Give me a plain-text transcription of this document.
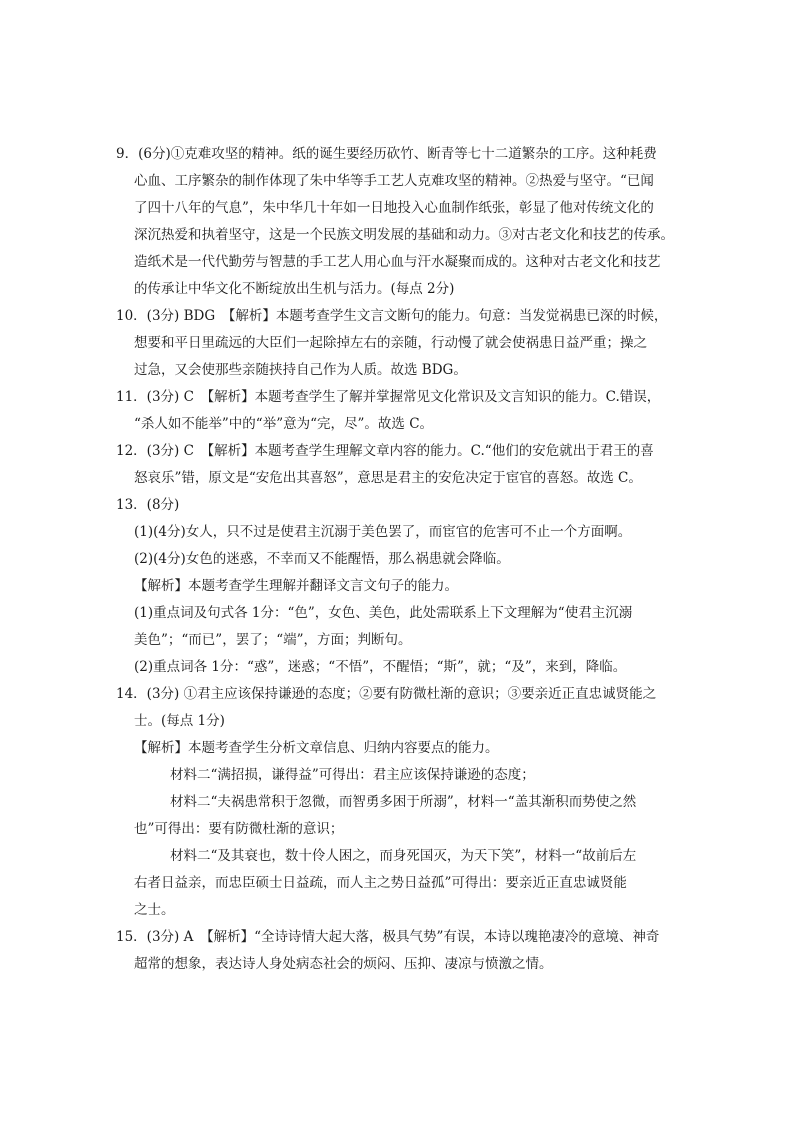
9．(6分)①克难攻坚的精神。纸的诞生要经历砍竹、断青等七十二道繁杂的工序。这种耗费
心血、工序繁杂的制作体现了朱中华等手工艺人克难攻坚的精神。②热爱与坚守。“已闻
了四十八年的气息”，朱中华几十年如一日地投入心血制作纸张，彰显了他对传统文化的
深沉热爱和执着坚守，这是一个民族文明发展的基础和动力。③对古老文化和技艺的传承。
造纸术是一代代勤劳与智慧的手工艺人用心血与汗水凝聚而成的。这种对古老文化和技艺
的传承让中华文化不断绽放出生机与活力。(每点 2分)
10．(3分) BDG　【解析】本题考查学生文言文断句的能力。句意：当发觉祸患已深的时候，
想要和平日里疏远的大臣们一起除掉左右的亲随，行动慢了就会使祸患日益严重；操之
过急，又会使那些亲随挟持自己作为人质。故选 BDG。
11．(3分) C　【解析】本题考查学生了解并掌握常见文化常识及文言知识的能力。C.错误，
“杀人如不能举”中的“举”意为“完，尽”。故选 C。
12．(3分) C　【解析】本题考查学生理解文章内容的能力。C.“他们的安危就出于君王的喜
怒哀乐”错，原文是“安危出其喜怒”，意思是君主的安危决定于宦官的喜怒。故选 C。
13．(8分)
(1)(4分)女人，只不过是使君主沉溺于美色罢了，而宦官的危害可不止一个方面啊。
(2)(4分)女色的迷惑，不幸而又不能醒悟，那么祸患就会降临。
【解析】本题考查学生理解并翻译文言文句子的能力。
(1)重点词及句式各 1分：“色”，女色、美色，此处需联系上下文理解为“使君主沉溺
美色”；“而已”，罢了；“端”，方面；判断句。
(2)重点词各 1分：“惑”，迷惑；“不悟”，不醒悟；“斯”，就；“及”，来到，降临。
14．(3分) ①君主应该保持谦逊的态度；②要有防微杜渐的意识；③要亲近正直忠诚贤能之
士。(每点 1分)
【解析】本题考查学生分析文章信息、归纳内容要点的能力。
材料二“满招损，谦得益”可得出：君主应该保持谦逊的态度；
材料二“夫祸患常积于忽微，而智勇多困于所溺”，材料一“盖其渐积而势使之然
也”可得出：要有防微杜渐的意识；
材料二“及其衰也，数十伶人困之，而身死国灭，为天下笑”，材料一“故前后左
右者日益亲，而忠臣硕士日益疏，而人主之势日益孤”可得出：要亲近正直忠诚贤能
之士。
15．(3分) A　【解析】“全诗诗情大起大落，极具气势”有误，本诗以瑰艳凄冷的意境、神奇
超常的想象，表达诗人身处病态社会的烦闷、压抑、凄凉与愤激之情。
